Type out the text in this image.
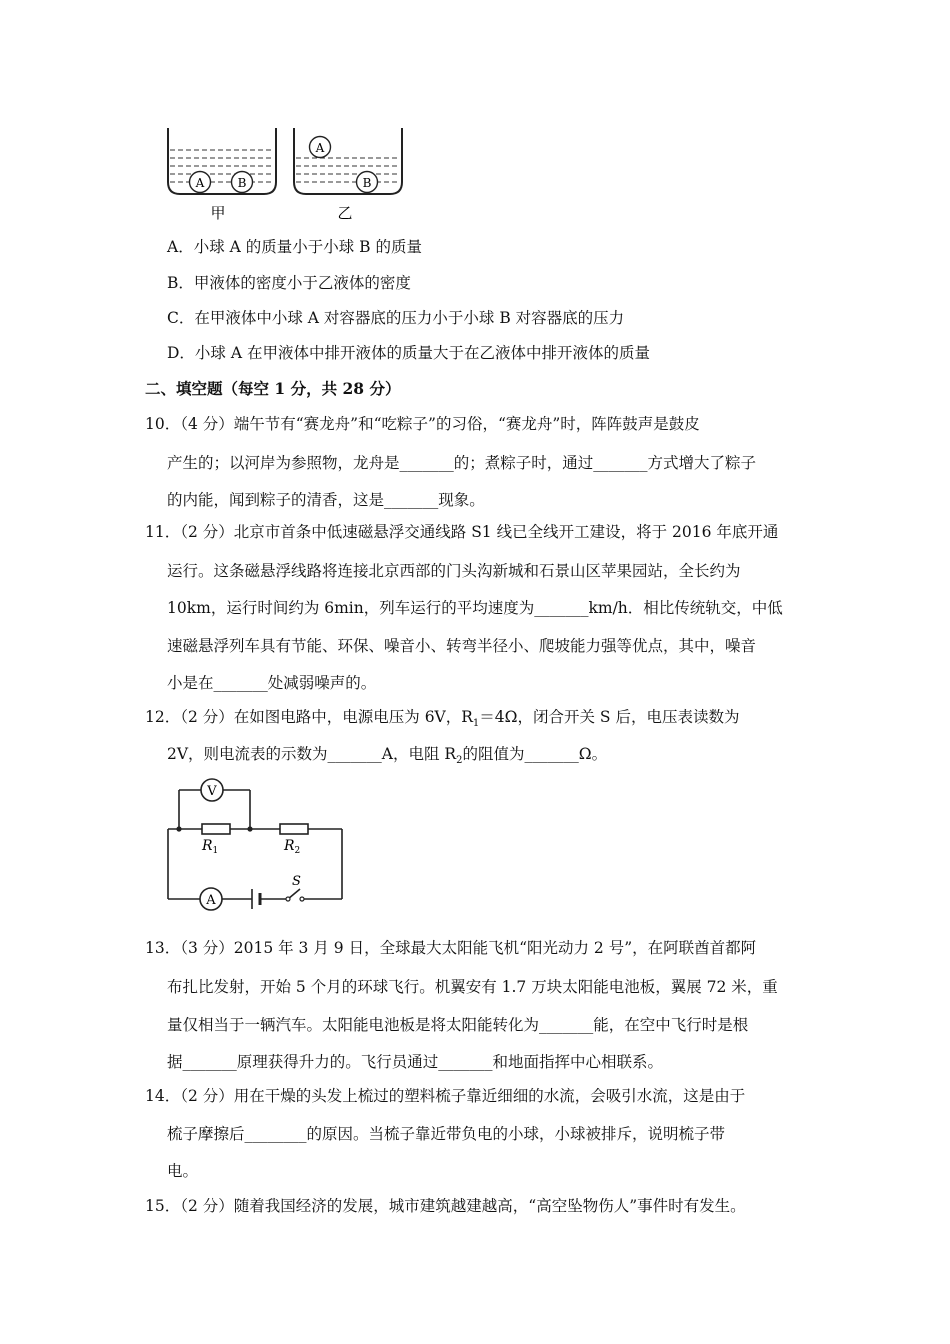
A	B
A
B
甲	乙
A．小球 A 的质量小于小球 B 的质量
B．甲液体的密度小于乙液体的密度
C．在甲液体中小球 A 对容器底的压力小于小球 B 对容器底的压力
D．小球 A 在甲液体中排开液体的质量大于在乙液体中排开液体的质量
二、填空题（每空 1 分，共 28 分）
10．（4 分）端午节有“赛龙舟”和“吃粽子”的习俗，“赛龙舟”时，阵阵鼓声是鼓皮
产生的；以河岸为参照物，龙舟是_______的；煮粽子时，通过_______方式增大了粽子
的内能，闻到粽子的清香，这是_______现象。
11．（2 分）北京市首条中低速磁悬浮交通线路 S1 线已全线开工建设，将于 2016 年底开通
运行。这条磁悬浮线路将连接北京西部的门头沟新城和石景山区苹果园站，全长约为
10km，运行时间约为 6min，列车运行的平均速度为_______km/h．相比传统轨交，中低
速磁悬浮列车具有节能、环保、噪音小、转弯半径小、爬坡能力强等优点，其中，噪音
小是在_______处减弱噪声的。
12．（2 分）在如图电路中，电源电压为 6V，$R_1=4\Omega$，闭合开关 S 后，电压表读数为
2V，则电流表的示数为_______A，电阻 $R_2$的阻值为_______Ω。
V
A
$R_1$	$R_2$
S
13．（3 分）2015 年 3 月 9 日，全球最大太阳能飞机“阳光动力 2 号”，在阿联酋首都阿
布扎比发射，开始 5 个月的环球飞行。机翼安有 1.7 万块太阳能电池板，翼展 72 米，重
量仅相当于一辆汽车。太阳能电池板是将太阳能转化为_______能，在空中飞行时是根
据_______原理获得升力的。飞行员通过_______和地面指挥中心相联系。
14．（2 分）用在干燥的头发上梳过的塑料梳子靠近细细的水流，会吸引水流，这是由于
梳子摩擦后________的原因。当梳子靠近带负电的小球，小球被排斥，说明梳子带
电。
15．（2 分）随着我国经济的发展，城市建筑越建越高，“高空坠物伤人”事件时有发生。
